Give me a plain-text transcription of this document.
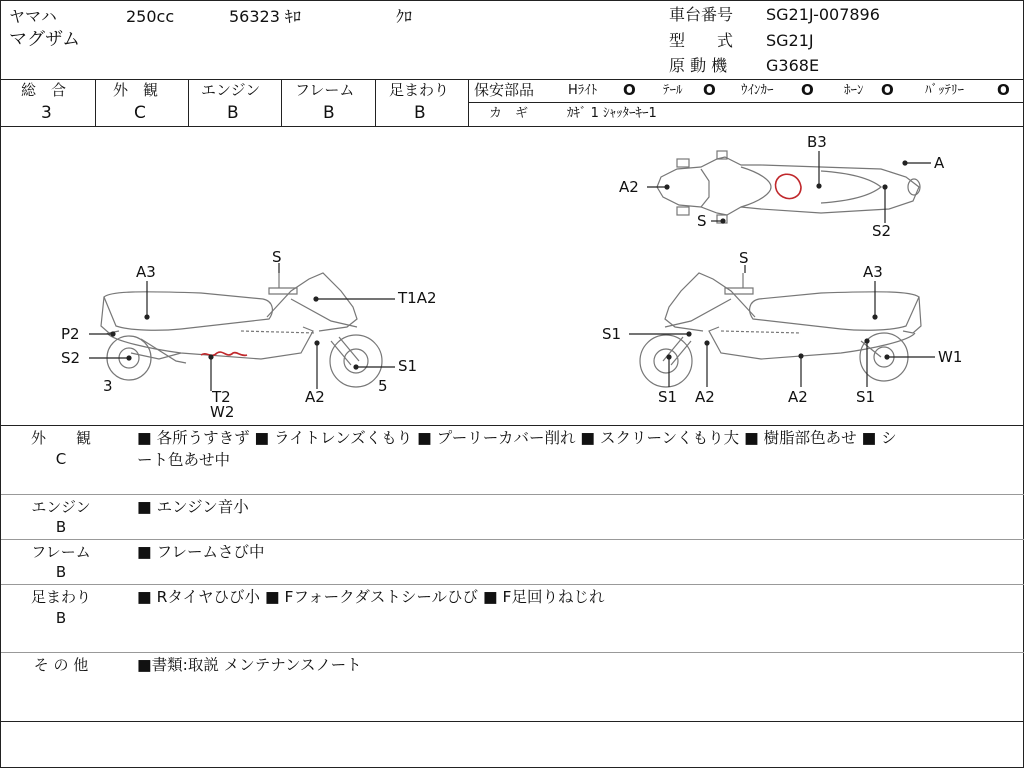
ヤマハ	250cc	56323 ｷﾛ	ｸﾛ
マグザム
車台番号 SG21J-007896
型　　式 SG21J
原 動 機 G368E
総　合
3
外　観
C
エンジン
B
フレーム
B
足まわり
B
保安部品	Hﾗｲﾄ O ﾃｰﾙ O ｳｲﾝｶｰ O ﾎｰﾝ O ﾊﾞｯﾃﾘｰ O
カ　ギ	ｶｷﾞ 1 ｼｬｯﾀｰｷｰ1
S
A3
T1A2
P2
S2	S1
3	5
T2
W2
A2
B3
A
A2
S
S2
S
A3
S1
W1
S1 A2	A2	S1
外　　観
C
■ 各所うすきず ■ ライトレンズくもり ■ プーリーカバー削れ ■ スクリーンくもり大 ■ 樹脂部色あせ ■ シ
ート色あせ中
エンジン
B
■ エンジン音小
フレーム
B
■ フレームさび中
足まわり
B
■ Rタイヤひび小 ■ Fフォークダストシールひび ■ F足回りねじれ
そ の 他	■書類:取説 メンテナンスノート
